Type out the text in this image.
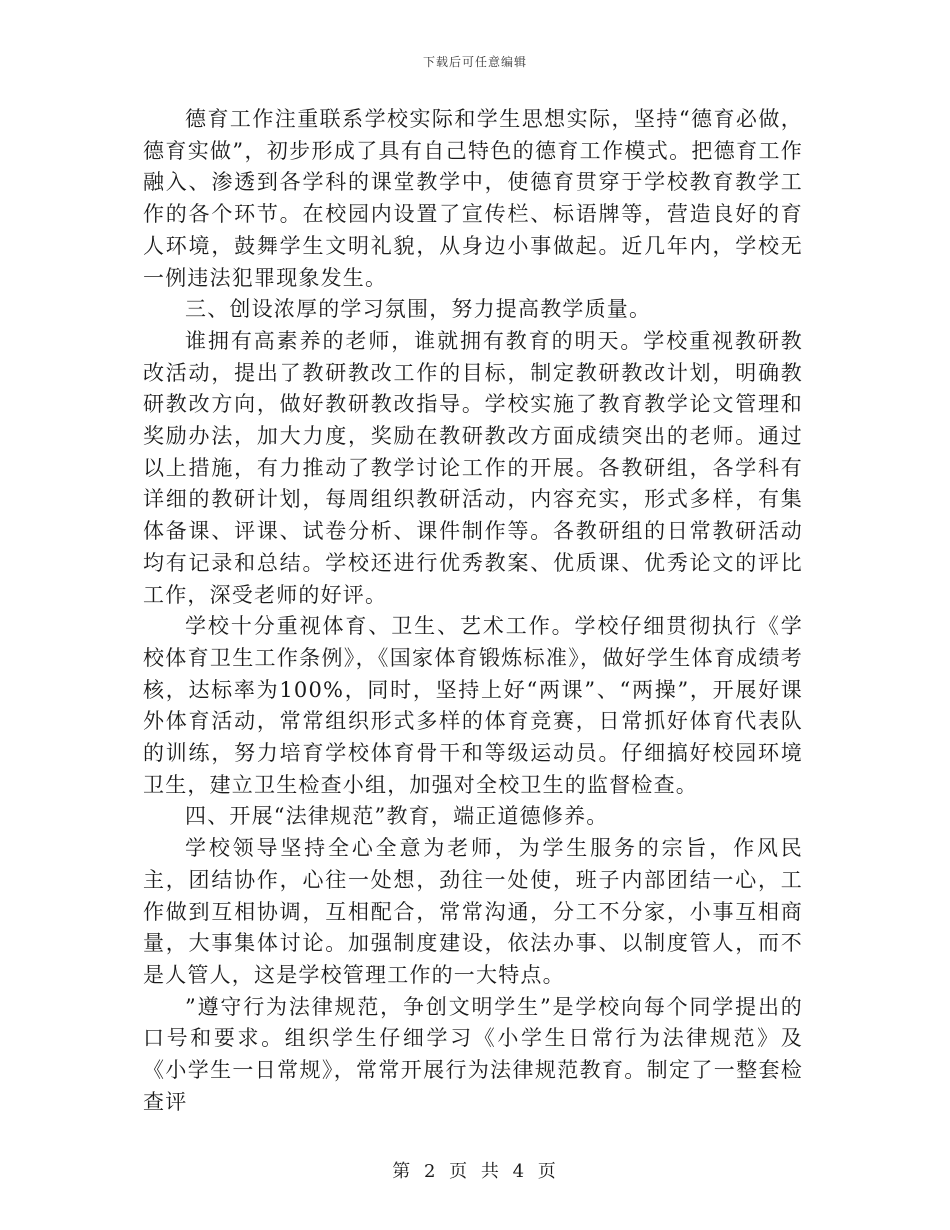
下载后可任意编辑

德育工作注重联系学校实际和学生思想实际，坚持“德育必做，德育实做”，初步形成了具有自己特色的德育工作模式。把德育工作融入、渗透到各学科的课堂教学中，使德育贯穿于学校教育教学工作的各个环节。在校园内设置了宣传栏、标语牌等，营造良好的育人环境，鼓舞学生文明礼貌，从身边小事做起。近几年内，学校无一例违法犯罪现象发生。

三、创设浓厚的学习氛围，努力提高教学质量。

谁拥有高素养的老师，谁就拥有教育的明天。学校重视教研教改活动，提出了教研教改工作的目标，制定教研教改计划，明确教研教改方向，做好教研教改指导。学校实施了教育教学论文管理和奖励办法，加大力度，奖励在教研教改方面成绩突出的老师。通过以上措施，有力推动了教学讨论工作的开展。各教研组，各学科有详细的教研计划，每周组织教研活动，内容充实，形式多样，有集体备课、评课、试卷分析、课件制作等。各教研组的日常教研活动均有记录和总结。学校还进行优秀教案、优质课、优秀论文的评比工作，深受老师的好评。

学校十分重视体育、卫生、艺术工作。学校仔细贯彻执行《学校体育卫生工作条例》，《国家体育锻炼标准》，做好学生体育成绩考核，达标率为100%，同时，坚持上好“两课”、“两操”，开展好课外体育活动，常常组织形式多样的体育竞赛，日常抓好体育代表队的训练，努力培育学校体育骨干和等级运动员。仔细搞好校园环境卫生，建立卫生检查小组，加强对全校卫生的监督检查。

四、开展“法律规范”教育，端正道德修养。

学校领导坚持全心全意为老师，为学生服务的宗旨，作风民主，团结协作，心往一处想，劲往一处使，班子内部团结一心，工作做到互相协调，互相配合，常常沟通，分工不分家，小事互相商量，大事集体讨论。加强制度建设，依法办事、以制度管人，而不是人管人，这是学校管理工作的一大特点。

”遵守行为法律规范，争创文明学生”是学校向每个同学提出的口号和要求。组织学生仔细学习《小学生日常行为法律规范》及《小学生一日常规》，常常开展行为法律规范教育。制定了一整套检查评

第 2 页 共 4 页
